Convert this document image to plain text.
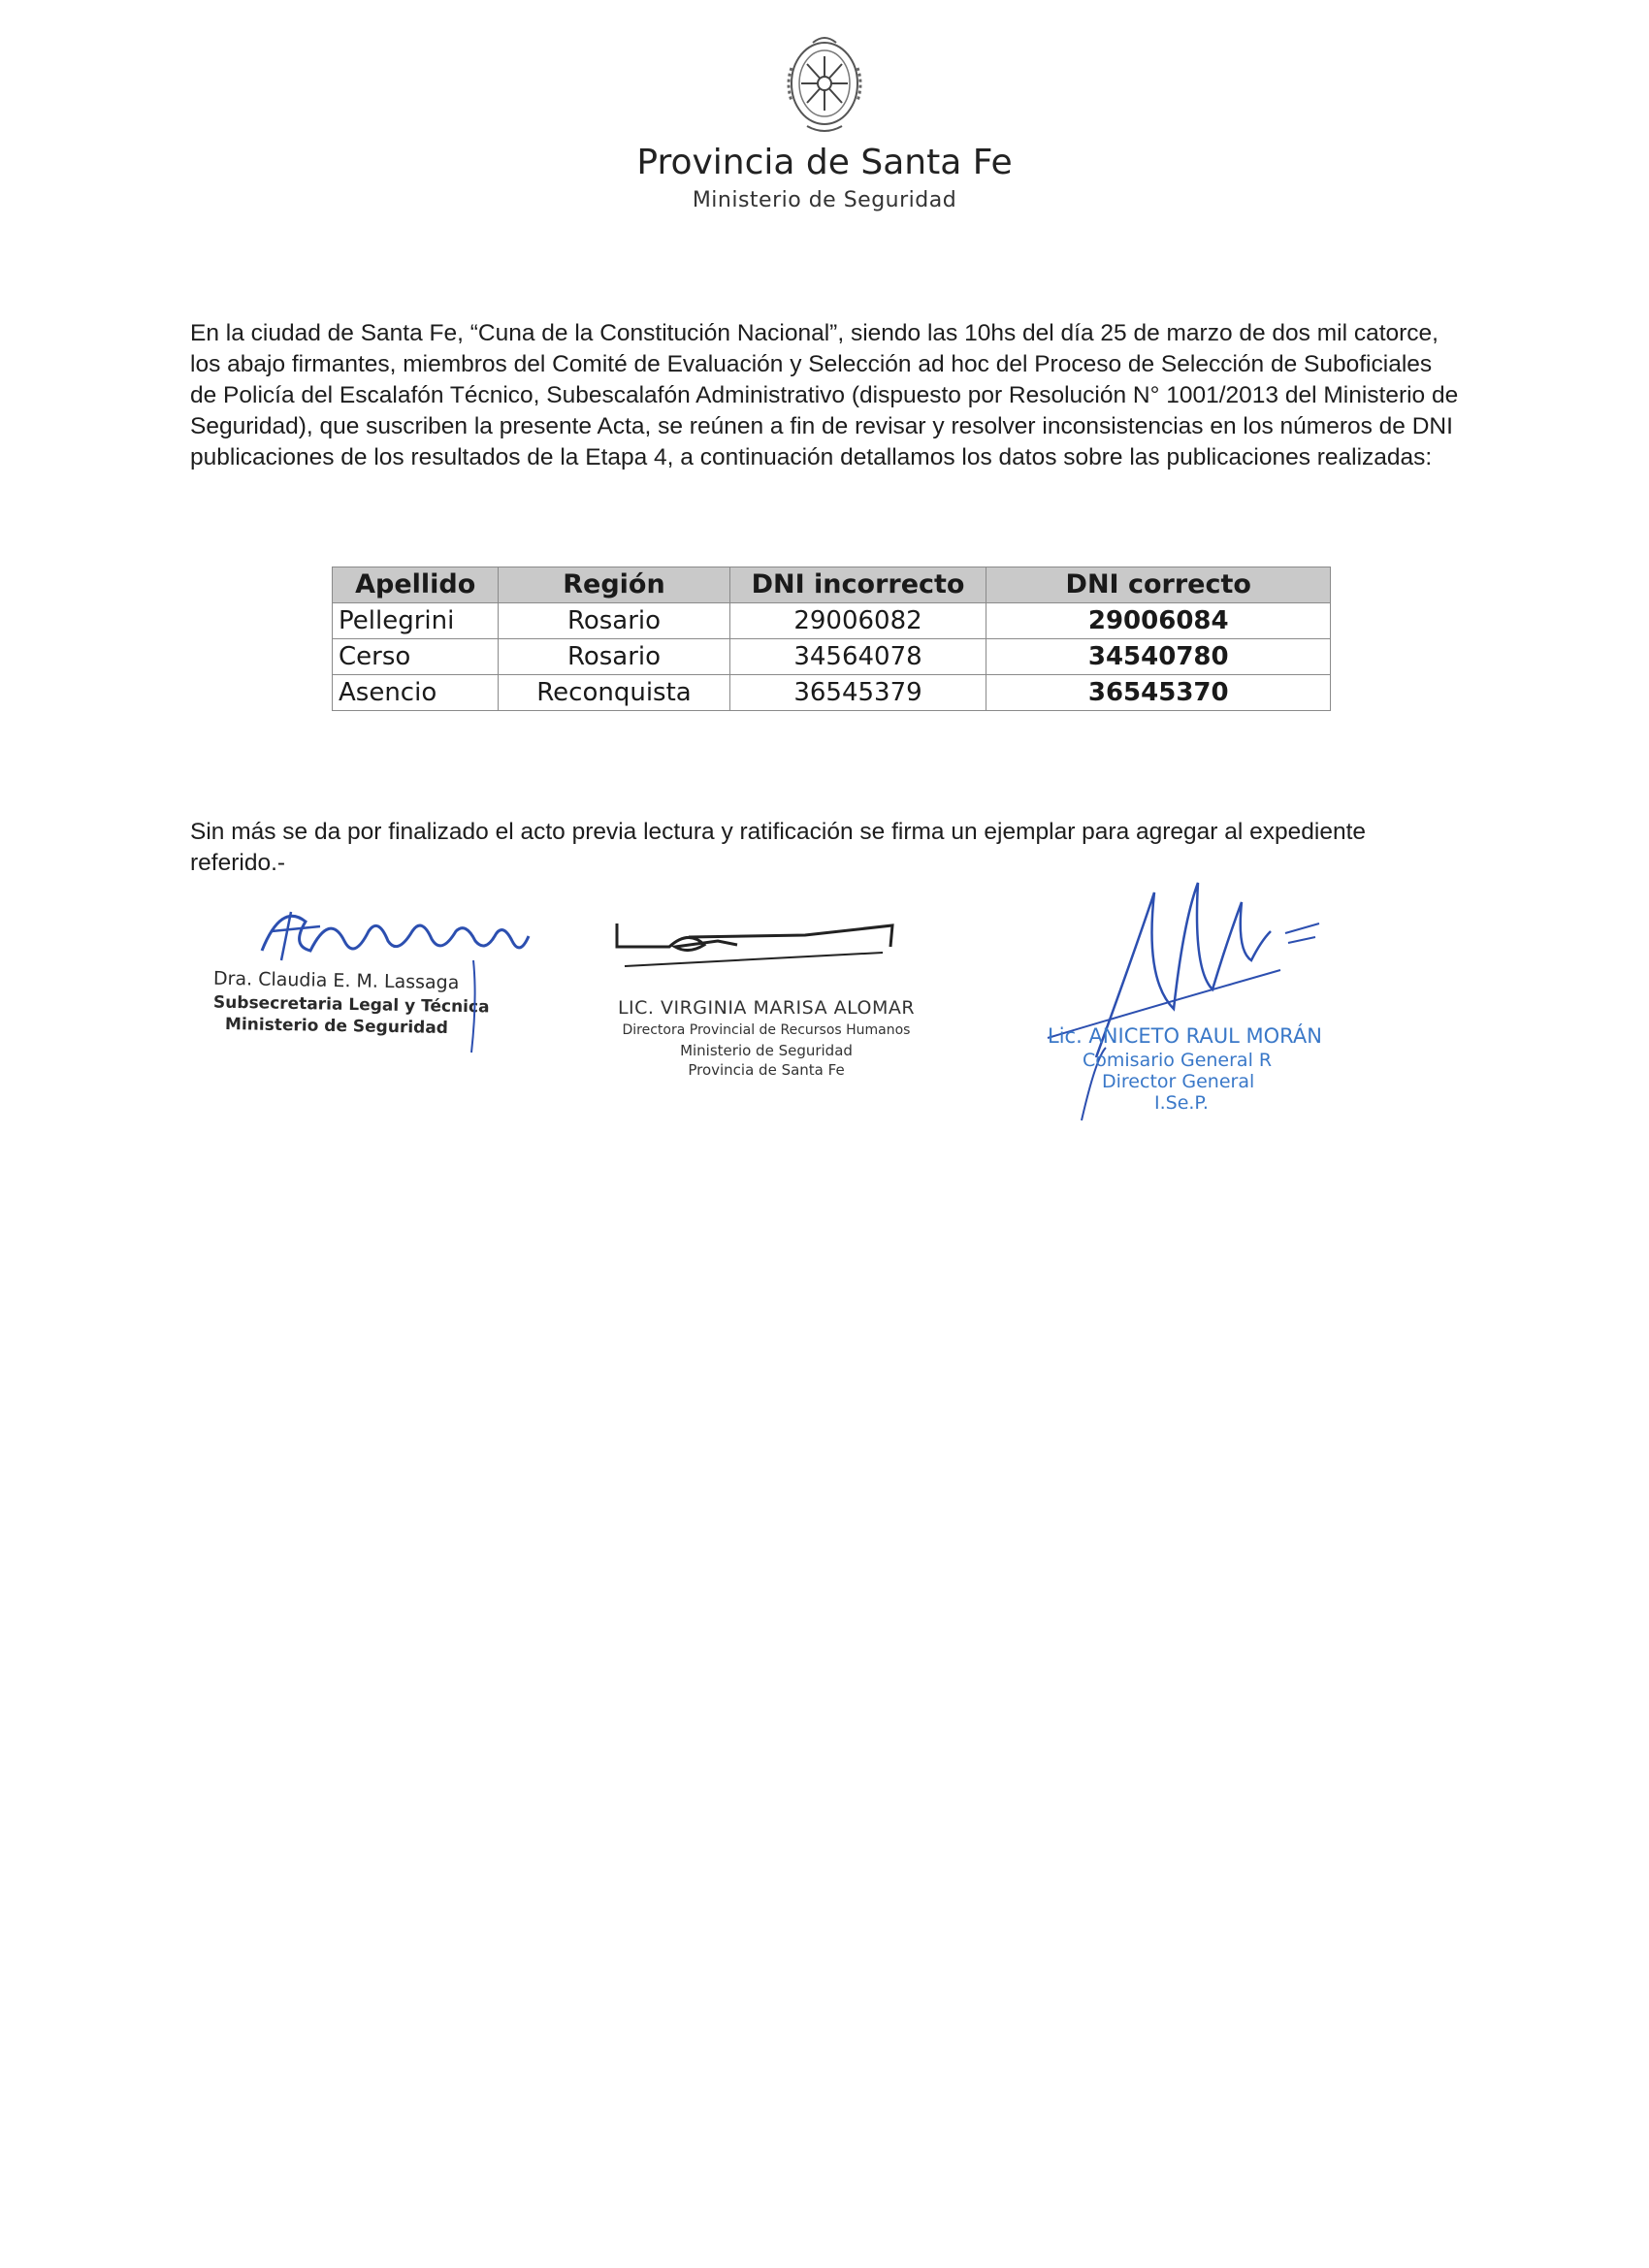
Provincia de Santa Fe
Ministerio de Seguridad

En la ciudad de Santa Fe, “Cuna de la Constitución Nacional”, siendo las 10hs del día 25 de marzo de dos mil catorce, los abajo firmantes, miembros del Comité de Evaluación y Selección ad hoc del Proceso de Selección de Suboficiales de Policía del Escalafón Técnico, Subescalafón Administrativo (dispuesto por Resolución N° 1001/2013 del Ministerio de Seguridad), que suscriben la presente Acta, se reúnen a fin de revisar y resolver inconsistencias en los números de DNI publicaciones de los resultados de la Etapa 4, a continuación detallamos los datos sobre las publicaciones realizadas:

Apellido	Región	DNI incorrecto	DNI correcto
Pellegrini	Rosario	29006082	29006084
Cerso	Rosario	34564078	34540780
Asencio	Reconquista	36545379	36545370

Sin más se da por finalizado el acto previa lectura y ratificación se firma un ejemplar para agregar al expediente referido.-

Dra. Claudia E. M. Lassaga
Subsecretaria Legal y Técnica
Ministerio de Seguridad
LIC. VIRGINIA MARISA ALOMAR
Directora Provincial de Recursos Humanos
Ministerio de Seguridad
Provincia de Santa Fe
Lic. ANICETO RAUL MORÁN
Comisario General R
Director General
I.Se.P.
